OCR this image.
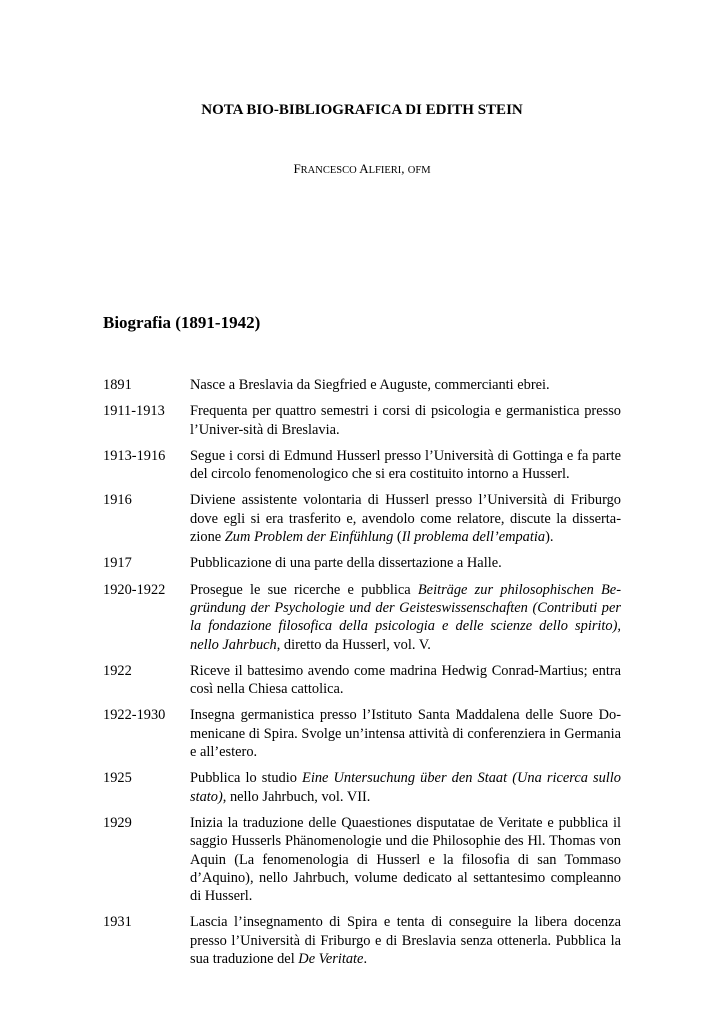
NOTA BIO-BIBLIOGRAFICA DI EDITH STEIN
FRANCESCO ALFIERI, OFM
Biografia (1891-1942)
1891	Nasce a Breslavia da Siegfried e Auguste, commercianti ebrei.
1911-1913	Frequenta per quattro semestri i corsi di psicologia e germanistica presso l’Univer-sità di Breslavia.
1913-1916	Segue i corsi di Edmund Husserl presso l’Università di Gottinga e fa parte del circolo fenomenologico che si era costituito intorno a Husserl.
1916	Diviene assistente volontaria di Husserl presso l’Università di Friburgo dove egli si era trasferito e, avendolo come relatore, discute la dissertazione Zum Problem der Einfühlung (Il problema dell’empatia).
1917	Pubblicazione di una parte della dissertazione a Halle.
1920-1922	Prosegue le sue ricerche e pubblica Beiträge zur philosophischen Begründung der Psychologie und der Geisteswissenschaften (Contributi per la fondazione filosofica della psicologia e delle scienze dello spirito), nello Jahrbuch, diretto da Husserl, vol. V.
1922	Riceve il battesimo avendo come madrina Hedwig Conrad-Martius; entra così nella Chiesa cattolica.
1922-1930	Insegna germanistica presso l’Istituto Santa Maddalena delle Suore Domenicane di Spira. Svolge un’intensa attività di conferenziera in Germania e all’estero.
1925	Pubblica lo studio Eine Untersuchung über den Staat (Una ricerca sullo stato), nello Jahrbuch, vol. VII.
1929	Inizia la traduzione delle Quaestiones disputatae de Veritate e pubblica il saggio Husserls Phänomenologie und die Philosophie des Hl. Thomas von Aquin (La fenomenologia di Husserl e la filosofia di san Tommaso d’Aquino), nello Jahrbuch, volume dedicato al settantesimo compleanno di Husserl.
1931	Lascia l’insegnamento di Spira e tenta di conseguire la libera docenza presso l’Università di Friburgo e di Breslavia senza ottenerla. Pubblica la sua traduzione del De Veritate.
